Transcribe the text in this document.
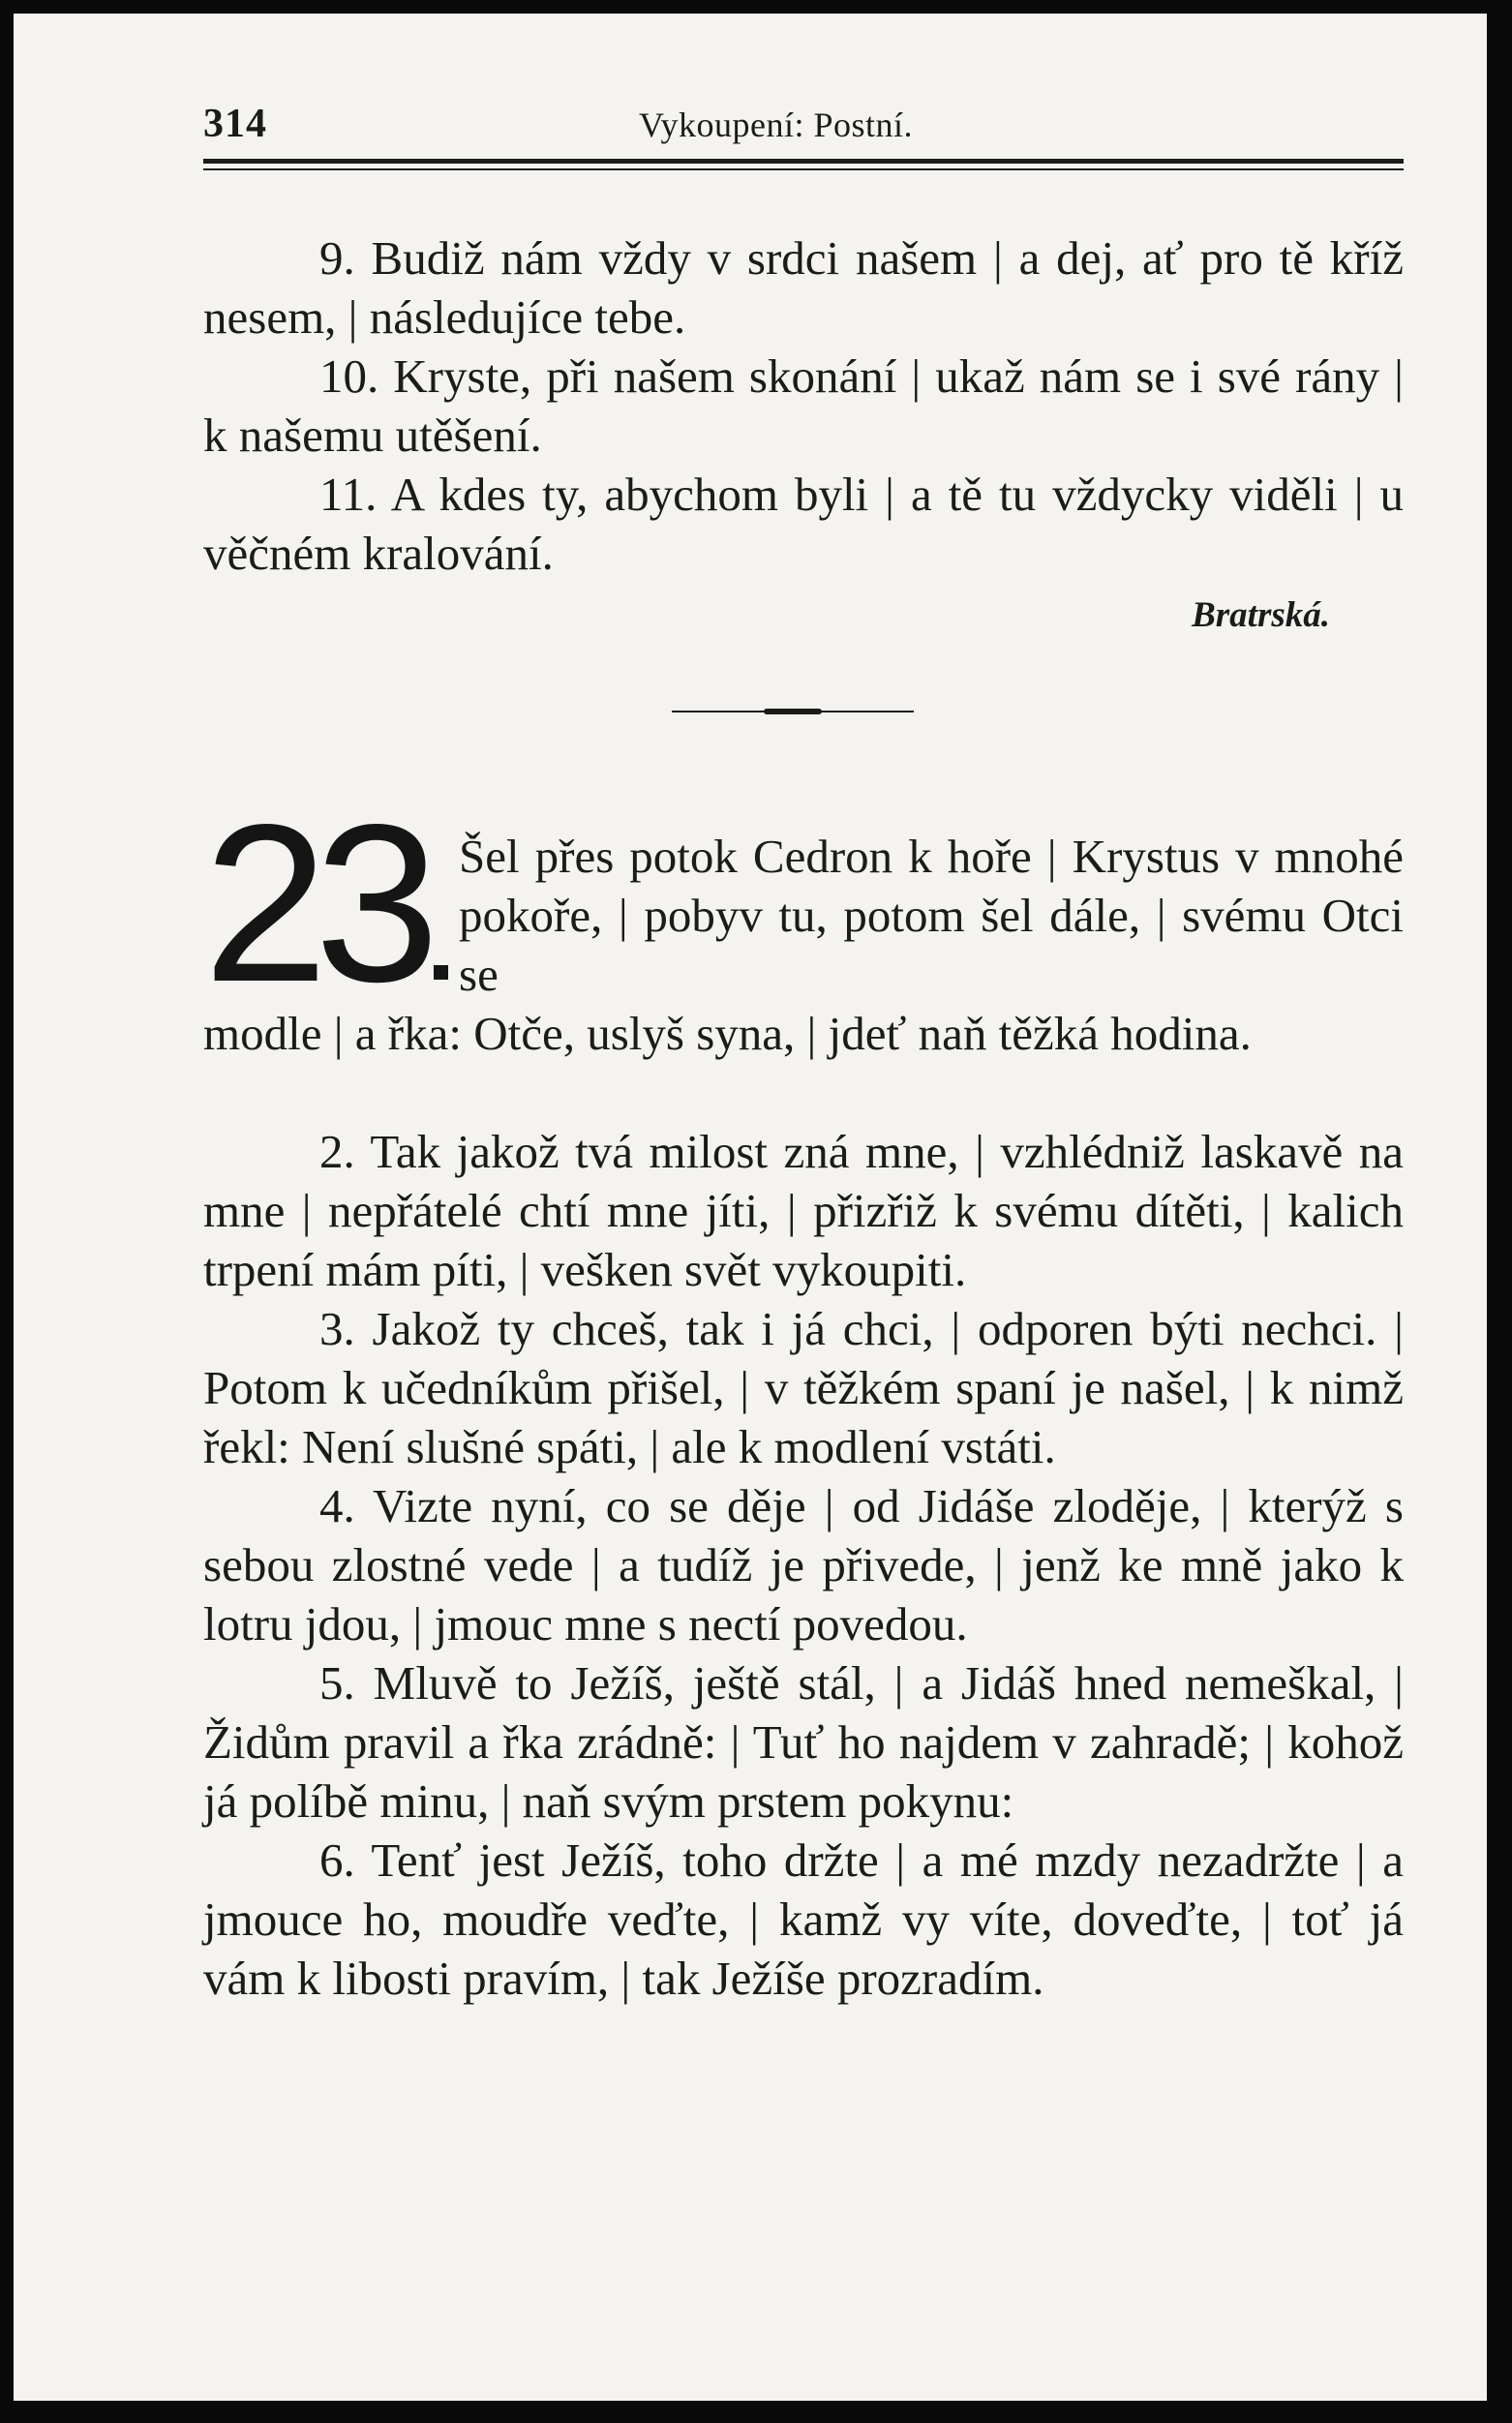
314	Vykoupení: Postní.

9. Budiž nám vždy v srdci našem | a dej, ať pro tě kříž nesem, | následujíce tebe.

10. Kryste, při našem skonání | ukaž nám se i své rány | k našemu utěšení.

11. A kdes ty, abychom byli | a tě tu vždycky viděli | u věčném kralování.

Bratrská.
23 Šel přes potok Cedron k hoře | Krystus v mnohé pokoře, | pobyv tu, potom šel dále, | svému Otci se

modle | a řka: Otče, uslyš syna, | jdeť naň těžká hodina.

2. Tak jakož tvá milost zná mne, | vzhlédniž laskavě na mne | nepřátelé chtí mne jíti, | přizřiž k svému dítěti, | kalich trpení mám píti, | vešken svět vykoupiti.

3. Jakož ty chceš, tak i já chci, | odporen býti nechci. | Potom k učedníkům přišel, | v těžkém spaní je našel, | k nimž řekl: Není slušné spáti, | ale k modlení vstáti.

4. Vizte nyní, co se děje | od Jidáše zloděje, | kterýž s sebou zlostné vede | a tudíž je přivede, | jenž ke mně jako k lotru jdou, | jmouc mne s nectí povedou.

5. Mluvě to Ježíš, ještě stál, | a Jidáš hned nemeškal, | Židům pravil a řka zrádně: | Tuť ho najdem v zahradě; | kohož já políbě minu, | naň svým prstem pokynu:

6. Tenť jest Ježíš, toho držte | a mé mzdy nezadržte | a jmouce ho, moudře veďte, | kamž vy víte, doveďte, | toť já vám k libosti pravím, | tak Ježíše prozradím.
